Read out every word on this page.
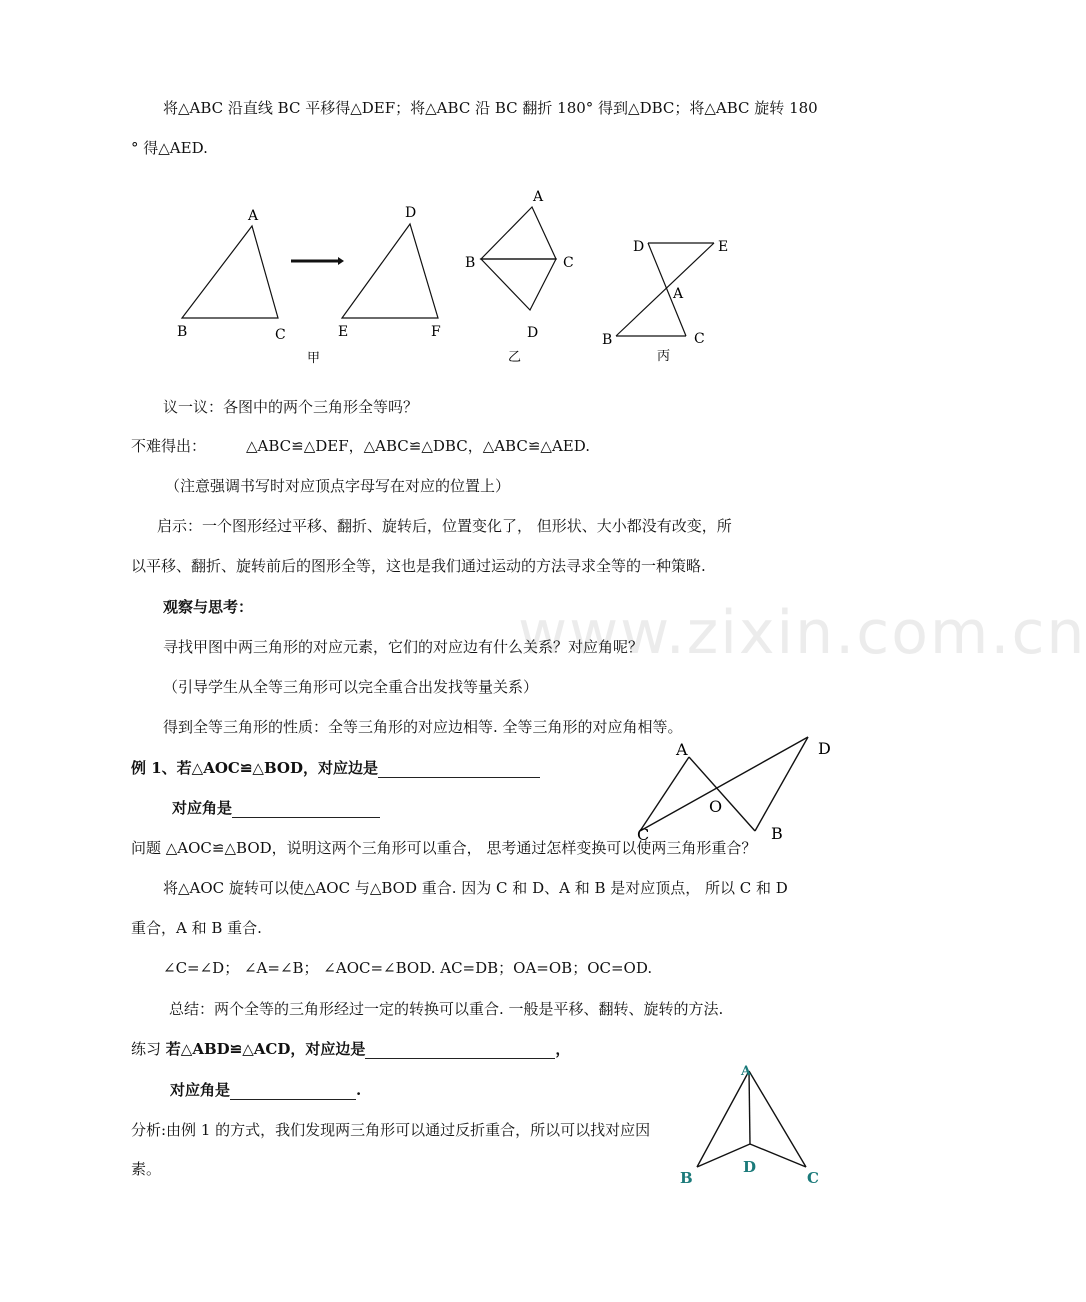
www.zixin.com.cn
将△ABC 沿直线 BC 平移得△DEF；将△ABC 沿 BC 翻折 180° 得到△DBC；将△ABC 旋转 180
° 得△AED.
A
B	C
D
E	F
甲
A
B	C
D
乙
D	E
A
B	C
丙
A	D
O
C	B
A
B
D
C
议一议：各图中的两个三角形全等吗？
不难得出：	△ABC≌△DEF，△ABC≌△DBC，△ABC≌△AED.
（注意强调书写时对应顶点字母写在对应的位置上）
启示：一个图形经过平移、翻折、旋转后，位置变化了， 但形状、大小都没有改变，所
以平移、翻折、旋转前后的图形全等，这也是我们通过运动的方法寻求全等的一种策略.
观察与思考：
寻找甲图中两三角形的对应元素，它们的对应边有什么关系？对应角呢？
（引导学生从全等三角形可以完全重合出发找等量关系）
得到全等三角形的性质：全等三角形的对应边相等. 全等三角形的对应角相等。
例 1、若△AOC≌△BOD，对应边是
对应角是
问题 △AOC≌△BOD，说明这两个三角形可以重合， 思考通过怎样变换可以使两三角形重合？
将△AOC 旋转可以使△AOC 与△BOD 重合. 因为 C 和 D、A 和 B 是对应顶点， 所以 C 和 D
重合，A 和 B 重合.
∠C=∠D； ∠A=∠B； ∠AOC=∠BOD. AC=DB；OA=OB；OC=OD.
总结：两个全等的三角形经过一定的转换可以重合. 一般是平移、翻转、旋转的方法.
练习 若△ABD≌△ACD，对应边是	，
对应角是	.
分析:由例 1 的方式，我们发现两三角形可以通过反折重合，所以可以找对应因
素。
